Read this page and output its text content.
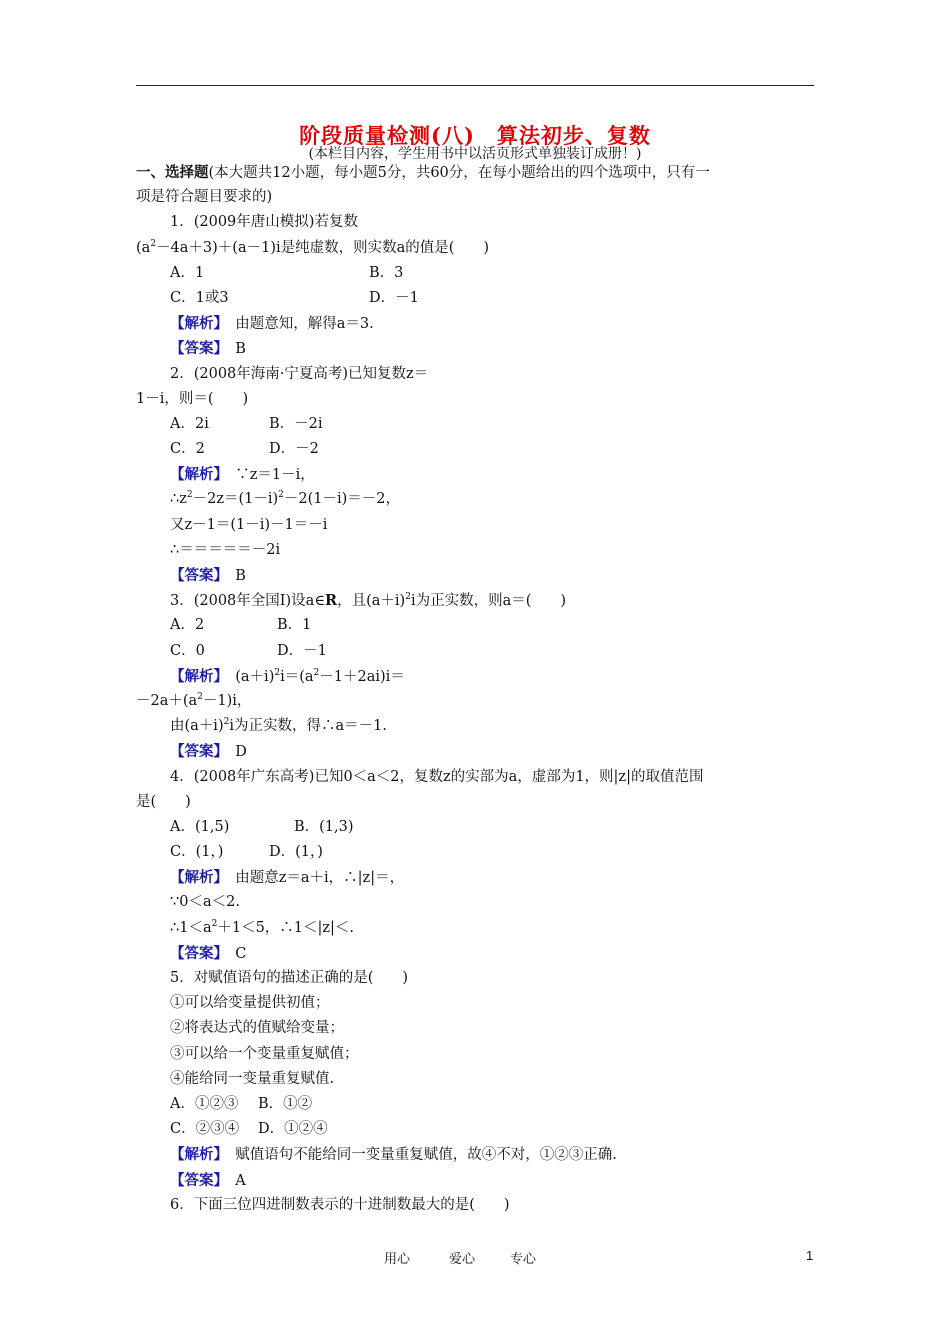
阶段质量检测(八)　算法初步、复数
(本栏目内容，学生用书中以活页形式单独装订成册！)
一、选择题(本大题共12小题，每小题5分，共60分，在每小题给出的四个选项中，只有一
项是符合题目要求的)
1．(2009年唐山模拟)若复数
$(a^2-4a+3)+(a-1)i$是纯虚数，则实数a的值是(　　)
A．1	B．3
C．1或3	D．－1
【解析】　 由题意知，解得a＝3.
【答案】　 B
2．(2008年海南·宁夏高考)已知复数z＝
1－i，则＝(　　)
A．2i	B．－2i
C．2	D．－2
【解析】　 ∵z＝1－i，
$\therefore z^2-2z=(1-i)^2-2(1-i)=-2$，
又z－1＝(1－i)－1＝－i
∴＝＝＝＝＝－2i
【答案】　 B
3．(2008年全国Ⅰ)设a∈R，且$(a+i)^2i$为正实数，则a＝(　　)
A．2	B．1
C．0	D．－1
【解析】　$(a+i)^2i=(a^2-1+2ai)i=$
$-2a+(a^2-1)i$，
由$(a+i)^2i$为正实数，得∴a＝－1.
【答案】　 D
4．(2008年广东高考)已知0＜a＜2，复数z的实部为a，虚部为1，则|z|的取值范围
是(　　)
A．(1,5)	B．(1,3)
C．(1，)	D．(1，)
【解析】　 由题意z＝a＋i，∴|z|＝，
∵0＜a＜2.
$\therefore 1<a^2+1<5$，∴1＜|z|＜.
【答案】　 C
5．对赋值语句的描述正确的是(　　)
①可以给变量提供初值；
②将表达式的值赋给变量；
③可以给一个变量重复赋值；
④能给同一变量重复赋值.
A．①②③ B．①②
C．②③④ D．①②④
【解析】　 赋值语句不能给同一变量重复赋值，故④不对，①②③正确.
【答案】　 A
6．下面三位四进制数表示的十进制数最大的是(　　)
用心	爱心	专心	1
